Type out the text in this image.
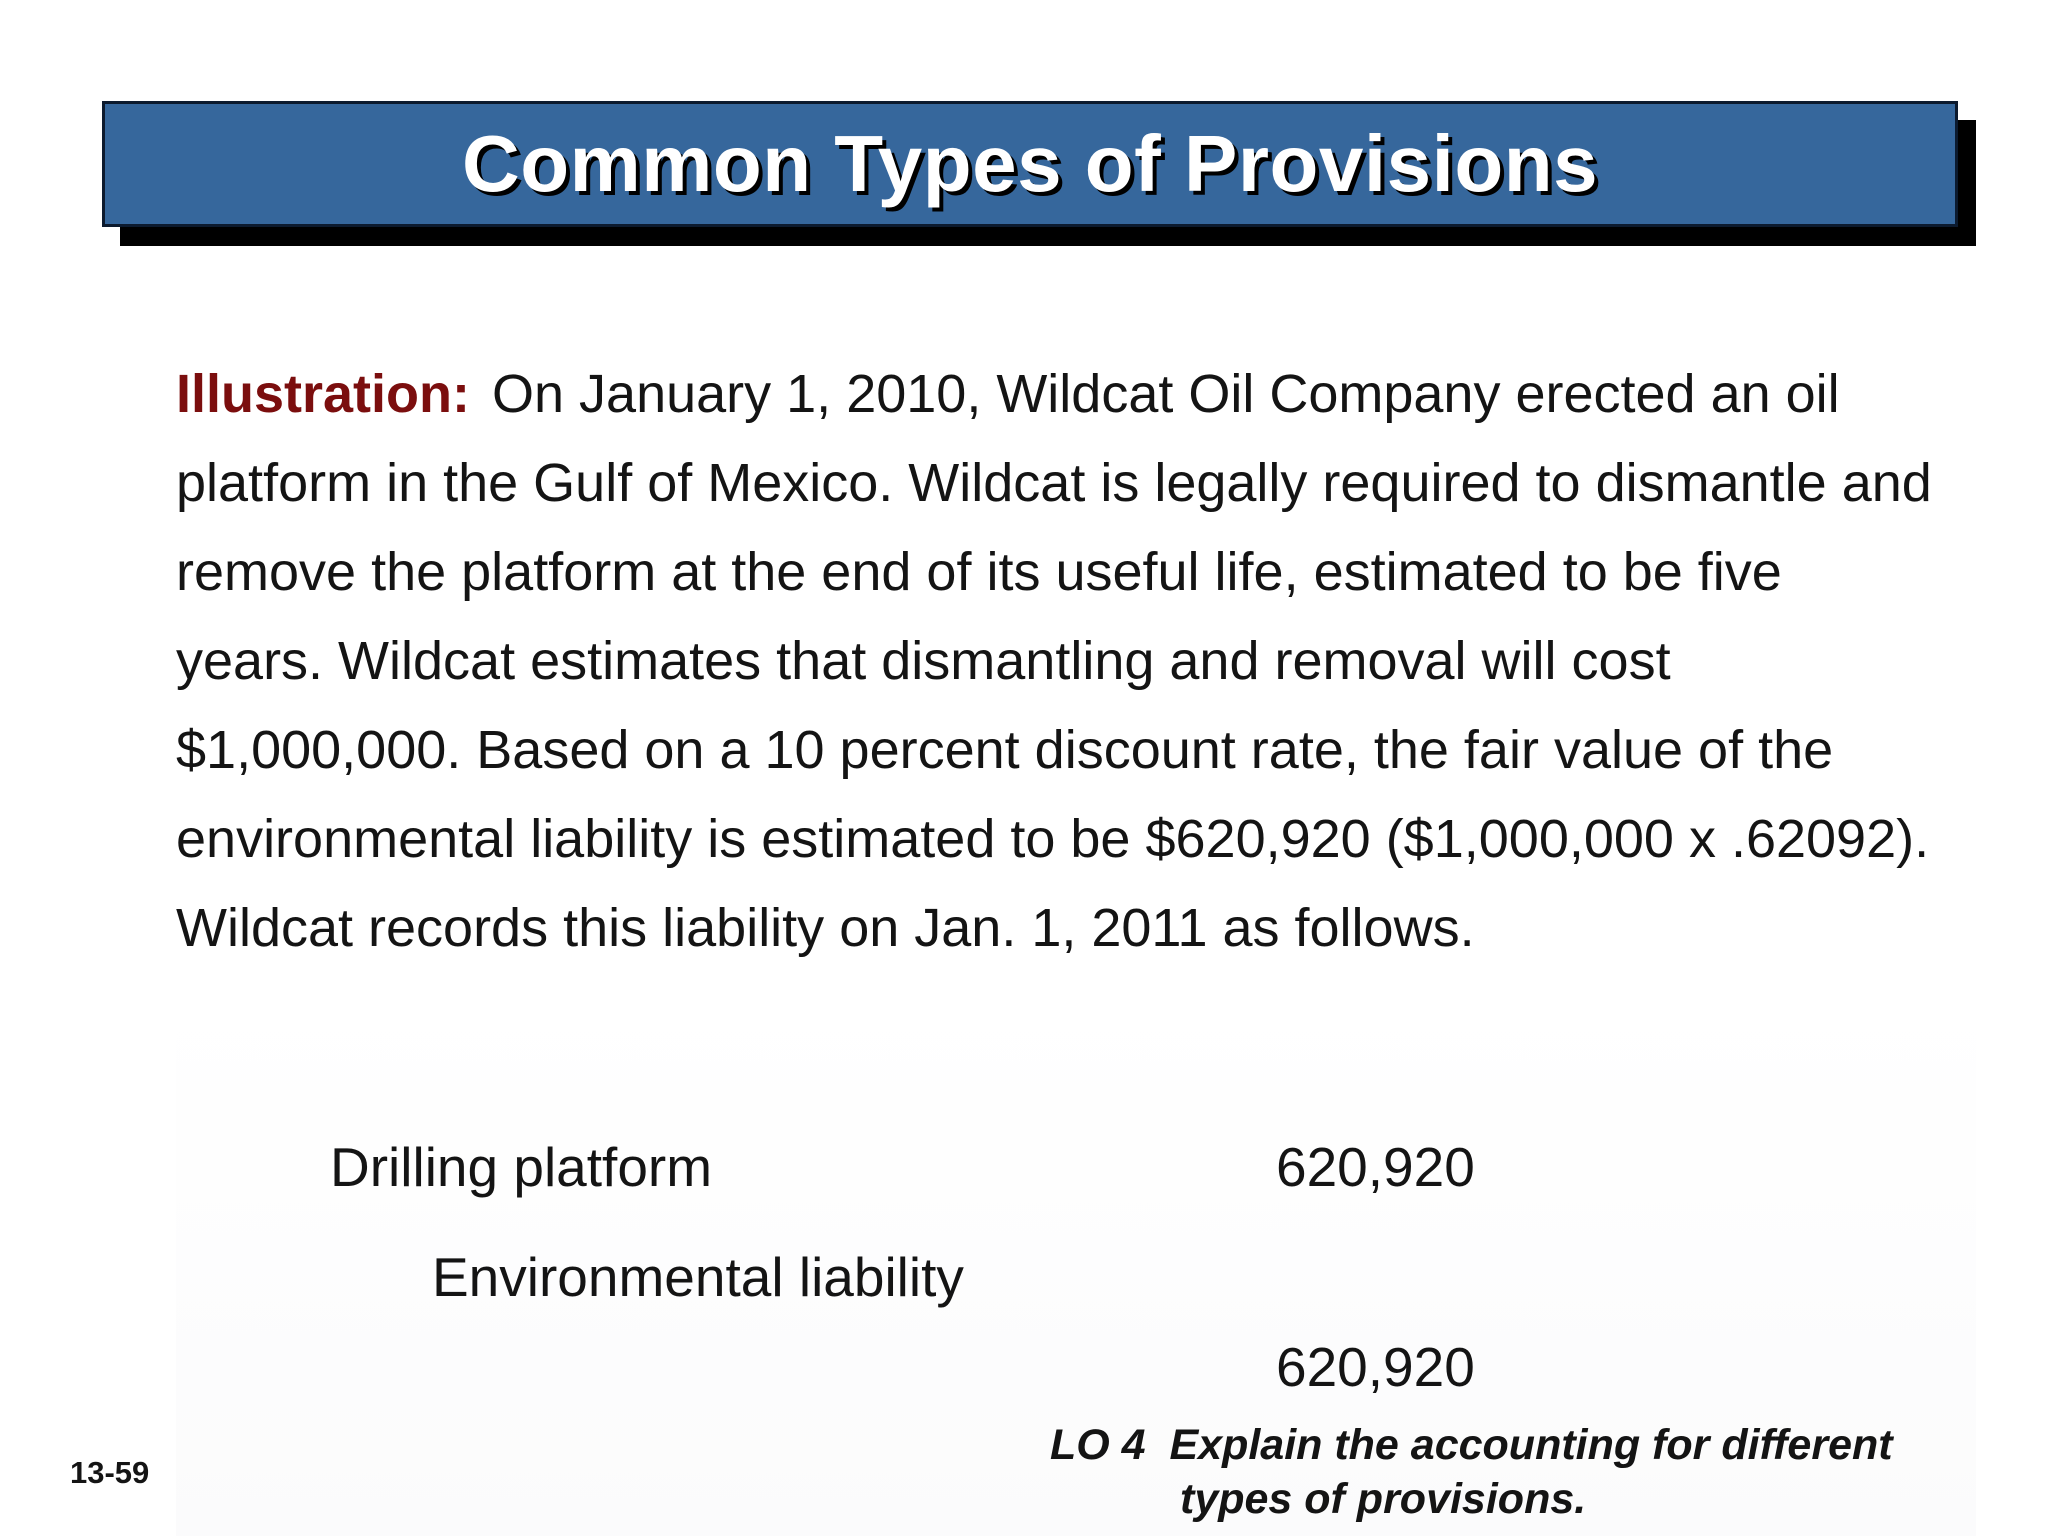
Common Types of Provisions
Illustration: On January 1, 2010, Wildcat Oil Company erected an oil platform in the Gulf of Mexico. Wildcat is legally required to dismantle and remove the platform at the end of its useful life, estimated to be five years. Wildcat estimates that dismantling and removal will cost $1,000,000. Based on a 10 percent discount rate, the fair value of the environmental liability is estimated to be $620,920 ($1,000,000 x .62092). Wildcat records this liability on Jan. 1, 2011 as follows.
Drilling platform	620,920
Environmental liability
620,920
13-59
LO 4  Explain the accounting for different
types of provisions.
